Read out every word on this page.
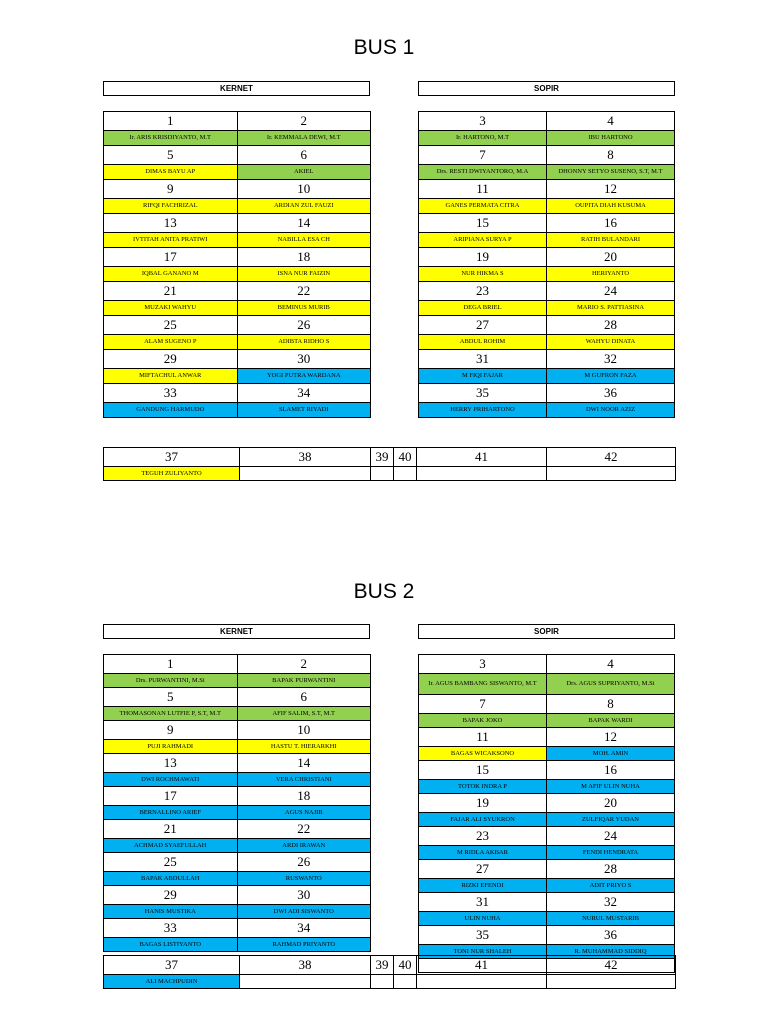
BUS 1
KERNET	SOPIR
1	2
Ir. ARIS KRISDIYANTO, M.T	Ir. KEMMALA DEWI, M.T
5	6
DIMAS BAYU AP	AKIEL
9	10
RIFQI FACHRIZAL	ARDIAN ZUL FAUZI
13	14
IVTITAH ANITA PRATIWI	NABILLA ESA CH
17	18
IQBAL GANANO M	ISNA NUR FAIZIN
21	22
MUZAKI WAHYU	BEMINUS MURIB
25	26
ALAM SUGENO P	ADIBTA RIDHO S
29	30
MIFTACHUL ANWAR	YOGI PUTRA WARDANA
33	34
GANDUNG HARMUDO	SLAMET RIYADI
3	4
Ir. HARTONO, M.T	IBU HARTONO
7	8
Drs. RESTI DWIYANTORO, M.A	DHONNY SETYO SUSENO, S.T, M.T
11	12
GANES PERMATA CITRA	OUPITA DIAH KUSUMA
15	16
ARIPIANA SURYA P	RATIH BULANDARI
19	20
NUR HIKMA S	HERIYANTO
23	24
DEGA BRIEL	MARIO S. PATTIASINA
27	28
ABDUL ROHIM	WAHYU DINATA
31	32
M FIQI FAJAR	M GUFRON FAZA
35	36
HERRY PRIHARTONO	DWI NOOR AZIZ
37	38	39	40	41	42
TEGUH ZULIYANTO					
BUS 2
KERNET	SOPIR
1	2
Drs. PURWANTINI, M.Si	BAPAK PURWANTINI
5	6
THOMASONAN LUTFIE P, S.T, M.T	AFIF SALIM, S.T, M.T
9	10
PUJI RAHMADI	HASTU T. HIERARKHI
13	14
DWI ROCHMAWATI	VERA CHRISTIANI
17	18
BERNALLINO ARIEF	AGUS NAJIB
21	22
ACHMAD SYAEFULLAH	ARDI IRAWAN
25	26
BAPAK ABDULLAH	RUSWANTO
29	30
HANIS MUSTIKA	DWI ADI SISWANTO
33	34
BAGAS LISTIYANTO	RAHMAD PRIYANTO
3	4
Ir. AGUS BAMBANG SISWANTO, M.T	Drs. AGUS SUPRIYANTO, M.Si
7	8
BAPAK JOKO	BAPAK WARDI
11	12
BAGAS WICAKSONO	MOH. AMIN
15	16
TOTOK INDRA P	M AFIF ULIN NUHA
19	20
FAJAR ALI SYUKRON	ZULFIQAR YUDAN
23	24
M RIDLA AKBAR	FENDI HENDRATA
27	28
RIZKI EFENDI	ADIT PRIYO S
31	32
ULIN NUHA	NURUL MUSTARIB
35	36
TONI NUR SHALEH	R. MUHAMMAD SIDDIQ

37	38	39	40	41	42
ALI MACHPUDIN					
